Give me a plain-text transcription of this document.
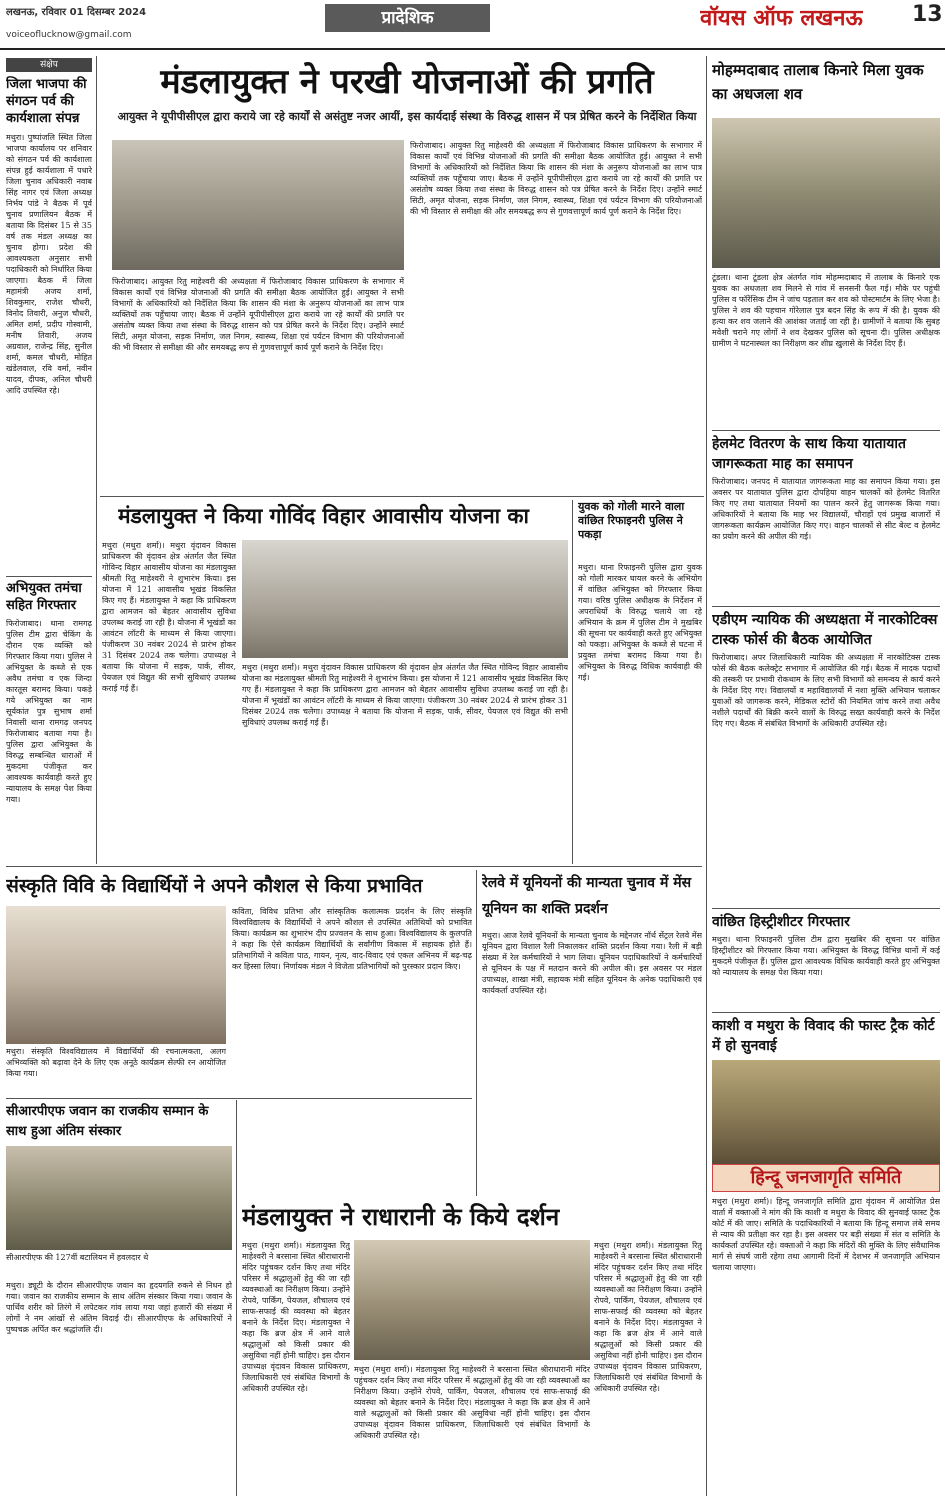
लखनऊ, रविवार 01 दिसम्बर 2024
voiceoflucknow@gmail.com
प्रादेशिक	वॉयस ऑफ लखनऊ 13
संक्षेप
जिला भाजपा की संगठन पर्व की कार्यशाला संपन्न
मथुरा। पुष्पांजलि स्थित जिला भाजपा कार्यालय पर शनिवार को संगठन पर्व की कार्यशाला संपन्न हुई कार्यशाला में पधारे जिला चुनाव अधिकारी नवाब सिंह नागर एवं जिला अध्यक्ष निर्भय पांडे ने बैठक में पूर्व चुनाव प्रणालियन बैठक में बताया कि दिसंबर 15 से 35 वर्ष तक मंडल अध्यक्ष का चुनाव होगा। प्रदेश की आवश्यकता अनुसार सभी पदाधिकारी को निर्धारित किया जाएगा। बैठक में जिला महामंत्री अजय शर्मा, शिवकुमार, राजेश चौधरी, विनोद तिवारी, अनुज चौधरी, अमित शर्मा, प्रदीप गोस्वामी, मनीष तिवारी, अजय अग्रवाल, राजेन्द्र सिंह, सुनील शर्मा, कमल चौधरी, मोहित खंडेलवाल, रवि वर्मा, नवीन यादव, दीपक, अनिल चौधरी आदि उपस्थित रहे।
अभियुक्त तमंचा सहित गिरफ्तार
फिरोजाबाद। थाना रामगढ़ पुलिस टीम द्वारा चेकिंग के दौरान एक व्यक्ति को गिरफ्तार किया गया। पुलिस ने अभियुक्त के कब्जे से एक अवैध तमंचा व एक जिन्दा कारतूस बरामद किया। पकड़े गये अभियुक्त का नाम सूर्यकांत पुत्र सुभाष शर्मा निवासी थाना रामगढ़ जनपद फिरोजाबाद बताया गया है। पुलिस द्वारा अभियुक्त के विरुद्ध सम्बन्धित धाराओं में मुकदमा पंजीकृत कर आवश्यक कार्यवाही करते हुए न्यायालय के समक्ष पेश किया गया।
मंडलायुक्त ने परखी योजनाओं की प्रगति
आयुक्त ने यूपीपीसीएल द्वारा कराये जा रहे कार्यों से असंतुष्ट नजर आयीं, इस कार्यदाई संस्था के विरुद्ध शासन में पत्र प्रेषित करने के निर्देशित किया
फिरोजाबाद। आयुक्त रितु माहेश्वरी की अध्यक्षता में फिरोजाबाद विकास प्राधिकरण के सभागार में विकास कार्यों एवं विभिन्न योजनाओं की प्रगति की समीक्षा बैठक आयोजित हुई। आयुक्त ने सभी विभागों के अधिकारियों को निर्देशित किया कि शासन की मंशा के अनुरूप योजनाओं का लाभ पात्र व्यक्तियों तक पहुँचाया जाए। बैठक में उन्होंने यूपीपीसीएल द्वारा कराये जा रहे कार्यों की प्रगति पर असंतोष व्यक्त किया तथा संस्था के विरुद्ध शासन को पत्र प्रेषित करने के निर्देश दिए। उन्होंने स्मार्ट सिटी, अमृत योजना, सड़क निर्माण, जल निगम, स्वास्थ्य, शिक्षा एवं पर्यटन विभाग की परियोजनाओं की भी विस्तार से समीक्षा की और समयबद्ध रूप से गुणवत्तापूर्ण कार्य पूर्ण कराने के निर्देश दिए।
फिरोजाबाद। आयुक्त रितु माहेश्वरी की अध्यक्षता में फिरोजाबाद विकास प्राधिकरण के सभागार में विकास कार्यों एवं विभिन्न योजनाओं की प्रगति की समीक्षा बैठक आयोजित हुई। आयुक्त ने सभी विभागों के अधिकारियों को निर्देशित किया कि शासन की मंशा के अनुरूप योजनाओं का लाभ पात्र व्यक्तियों तक पहुँचाया जाए। बैठक में उन्होंने यूपीपीसीएल द्वारा कराये जा रहे कार्यों की प्रगति पर असंतोष व्यक्त किया तथा संस्था के विरुद्ध शासन को पत्र प्रेषित करने के निर्देश दिए। उन्होंने स्मार्ट सिटी, अमृत योजना, सड़क निर्माण, जल निगम, स्वास्थ्य, शिक्षा एवं पर्यटन विभाग की परियोजनाओं की भी विस्तार से समीक्षा की और समयबद्ध रूप से गुणवत्तापूर्ण कार्य पूर्ण कराने के निर्देश दिए।
मंडलायुक्त ने किया गोविंद विहार आवासीय योजना का
मथुरा (मथुरा शर्मा)। मथुरा वृंदावन विकास प्राधिकरण की वृंदावन क्षेत्र अंतर्गत जैत स्थित गोविन्द विहार आवासीय योजना का मंडलायुक्त श्रीमती रितु माहेश्वरी ने शुभारंभ किया। इस योजना में 121 आवासीय भूखंड विकसित किए गए हैं। मंडलायुक्त ने कहा कि प्राधिकरण द्वारा आमजन को बेहतर आवासीय सुविधा उपलब्ध कराई जा रही है। योजना में भूखंडों का आवंटन लॉटरी के माध्यम से किया जाएगा। पंजीकरण 30 नवंबर 2024 से प्रारंभ होकर 31 दिसंबर 2024 तक चलेगा। उपाध्यक्ष ने बताया कि योजना में सड़क, पार्क, सीवर, पेयजल एवं विद्युत की सभी सुविधाएं उपलब्ध कराई गई हैं।
मथुरा (मथुरा शर्मा)। मथुरा वृंदावन विकास प्राधिकरण की वृंदावन क्षेत्र अंतर्गत जैत स्थित गोविन्द विहार आवासीय योजना का मंडलायुक्त श्रीमती रितु माहेश्वरी ने शुभारंभ किया। इस योजना में 121 आवासीय भूखंड विकसित किए गए हैं। मंडलायुक्त ने कहा कि प्राधिकरण द्वारा आमजन को बेहतर आवासीय सुविधा उपलब्ध कराई जा रही है। योजना में भूखंडों का आवंटन लॉटरी के माध्यम से किया जाएगा। पंजीकरण 30 नवंबर 2024 से प्रारंभ होकर 31 दिसंबर 2024 तक चलेगा। उपाध्यक्ष ने बताया कि योजना में सड़क, पार्क, सीवर, पेयजल एवं विद्युत की सभी सुविधाएं उपलब्ध कराई गई हैं।
युवक को गोली मारने वाला वांछित रिफाइनरी पुलिस ने पकड़ा
मथुरा। थाना रिफाइनरी पुलिस द्वारा युवक को गोली मारकर घायल करने के अभियोग में वांछित अभियुक्त को गिरफ्तार किया गया। वरिष्ठ पुलिस अधीक्षक के निर्देशन में अपराधियों के विरुद्ध चलाये जा रहे अभियान के क्रम में पुलिस टीम ने मुखबिर की सूचना पर कार्यवाही करते हुए अभियुक्त को पकड़ा। अभियुक्त के कब्जे से घटना में प्रयुक्त तमंचा बरामद किया गया है। अभियुक्त के विरुद्ध विधिक कार्यवाही की गई।
मोहम्मदाबाद तालाब किनारे मिला युवक का अधजला शव
टूंडला। थाना टूंडला क्षेत्र अंतर्गत गांव मोहम्मदाबाद में तालाब के किनारे एक युवक का अधजला शव मिलने से गांव में सनसनी फैल गई। मौके पर पहुंची पुलिस व फॉरेंसिक टीम ने जांच पड़ताल कर शव को पोस्टमार्टम के लिए भेजा है। पुलिस ने शव की पहचान गोरेलाल पुत्र बदन सिंह के रूप में की है। युवक की हत्या कर शव जलाने की आशंका जताई जा रही है। ग्रामीणों ने बताया कि सुबह मवेशी चराने गए लोगों ने शव देखकर पुलिस को सूचना दी। पुलिस अधीक्षक ग्रामीण ने घटनास्थल का निरीक्षण कर शीघ्र खुलासे के निर्देश दिए हैं।
हेलमेट वितरण के साथ किया यातायात जागरूकता माह का समापन
फिरोजाबाद। जनपद में यातायात जागरूकता माह का समापन किया गया। इस अवसर पर यातायात पुलिस द्वारा दोपहिया वाहन चालकों को हेलमेट वितरित किए गए तथा यातायात नियमों का पालन करने हेतु जागरूक किया गया। अधिकारियों ने बताया कि माह भर विद्यालयों, चौराहों एवं प्रमुख बाजारों में जागरूकता कार्यक्रम आयोजित किए गए। वाहन चालकों से सीट बेल्ट व हेलमेट का प्रयोग करने की अपील की गई।
एडीएम न्यायिक की अध्यक्षता में नारकोटिक्स टास्क फोर्स की बैठक आयोजित
फिरोजाबाद। अपर जिलाधिकारी न्यायिक की अध्यक्षता में नारकोटिक्स टास्क फोर्स की बैठक कलेक्ट्रेट सभागार में आयोजित की गई। बैठक में मादक पदार्थों की तस्करी पर प्रभावी रोकथाम के लिए सभी विभागों को समन्वय से कार्य करने के निर्देश दिए गए। विद्यालयों व महाविद्यालयों में नशा मुक्ति अभियान चलाकर युवाओं को जागरूक करने, मेडिकल स्टोरों की नियमित जांच करने तथा अवैध नशीले पदार्थों की बिक्री करने वालों के विरुद्ध सख्त कार्यवाही करने के निर्देश दिए गए। बैठक में संबंधित विभागों के अधिकारी उपस्थित रहे।
वांछित हिस्ट्रीशीटर गिरफ्तार
मथुरा। थाना रिफाइनरी पुलिस टीम द्वारा मुखबिर की सूचना पर वांछित हिस्ट्रीशीटर को गिरफ्तार किया गया। अभियुक्त के विरुद्ध विभिन्न थानों में कई मुकदमे पंजीकृत हैं। पुलिस द्वारा आवश्यक विधिक कार्यवाही करते हुए अभियुक्त को न्यायालय के समक्ष पेश किया गया।
काशी व मथुरा के विवाद की फास्ट ट्रैक कोर्ट में हो सुनवाई
हिन्दू जनजागृति समिति
मथुरा (मथुरा शर्मा)। हिन्दू जनजागृति समिति द्वारा वृंदावन में आयोजित प्रेस वार्ता में वक्ताओं ने मांग की कि काशी व मथुरा के विवाद की सुनवाई फास्ट ट्रैक कोर्ट में की जाए। समिति के पदाधिकारियों ने बताया कि हिन्दू समाज लंबे समय से न्याय की प्रतीक्षा कर रहा है। इस अवसर पर बड़ी संख्या में संत व समिति के कार्यकर्ता उपस्थित रहे। वक्ताओं ने कहा कि मंदिरों की मुक्ति के लिए संवैधानिक मार्ग से संघर्ष जारी रहेगा तथा आगामी दिनों में देशभर में जनजागृति अभियान चलाया जाएगा।
संस्कृति विवि के विद्यार्थियों ने अपने कौशल से किया प्रभावित
मथुरा। संस्कृति विश्वविद्यालय में विद्यार्थियों की रचनात्मकता, अलग अभिव्यक्ति को बढ़ावा देने के लिए एक अनूठे कार्यक्रम सेल्फी रन आयोजित किया गया।
कविता, विविध प्रतिभा और सांस्कृतिक कलात्मक प्रदर्शन के लिए संस्कृति विश्वविद्यालय के विद्यार्थियों ने अपने कौशल से उपस्थित अतिथियों को प्रभावित किया। कार्यक्रम का शुभारंभ दीप प्रज्वलन के साथ हुआ। विश्वविद्यालय के कुलपति ने कहा कि ऐसे कार्यक्रम विद्यार्थियों के सर्वांगीण विकास में सहायक होते हैं। प्रतिभागियों ने कविता पाठ, गायन, नृत्य, वाद-विवाद एवं एकल अभिनय में बढ़-चढ़ कर हिस्सा लिया। निर्णायक मंडल ने विजेता प्रतिभागियों को पुरस्कार प्रदान किए।
रेलवे में यूनियनों की मान्यता चुनाव में मेंस यूनियन का शक्ति प्रदर्शन
मथुरा। आज रेलवे यूनियनों के मान्यता चुनाव के मद्देनजर नॉर्थ सेंट्रल रेलवे मेंस यूनियन द्वारा विशाल रैली निकालकर शक्ति प्रदर्शन किया गया। रैली में बड़ी संख्या में रेल कर्मचारियों ने भाग लिया। यूनियन पदाधिकारियों ने कर्मचारियों से यूनियन के पक्ष में मतदान करने की अपील की। इस अवसर पर मंडल उपाध्यक्ष, शाखा मंत्री, सहायक मंत्री सहित यूनियन के अनेक पदाधिकारी एवं कार्यकर्ता उपस्थित रहे।
सीआरपीएफ जवान का राजकीय सम्मान के साथ हुआ अंतिम संस्कार
सीआरपीएफ की 127वीं बटालियन में हवलदार थे
मथुरा। ड्यूटी के दौरान सीआरपीएफ जवान का हृदयगति रुकने से निधन हो गया। जवान का राजकीय सम्मान के साथ अंतिम संस्कार किया गया। जवान के पार्थिव शरीर को तिरंगे में लपेटकर गांव लाया गया जहां हजारों की संख्या में लोगों ने नम आंखों से अंतिम विदाई दी। सीआरपीएफ के अधिकारियों ने पुष्पचक्र अर्पित कर श्रद्धांजलि दी।
मंडलायुक्त ने राधारानी के किये दर्शन
मथुरा (मथुरा शर्मा)। मंडलायुक्त रितु माहेश्वरी ने बरसाना स्थित श्रीराधारानी मंदिर पहुंचकर दर्शन किए तथा मंदिर परिसर में श्रद्धालुओं हेतु की जा रही व्यवस्थाओं का निरीक्षण किया। उन्होंने रोपवे, पार्किंग, पेयजल, शौचालय एवं साफ-सफाई की व्यवस्था को बेहतर बनाने के निर्देश दिए। मंडलायुक्त ने कहा कि ब्रज क्षेत्र में आने वाले श्रद्धालुओं को किसी प्रकार की असुविधा नहीं होनी चाहिए। इस दौरान उपाध्यक्ष वृंदावन विकास प्राधिकरण, जिलाधिकारी एवं संबंधित विभागों के अधिकारी उपस्थित रहे।
मथुरा (मथुरा शर्मा)। मंडलायुक्त रितु माहेश्वरी ने बरसाना स्थित श्रीराधारानी मंदिर पहुंचकर दर्शन किए तथा मंदिर परिसर में श्रद्धालुओं हेतु की जा रही व्यवस्थाओं का निरीक्षण किया। उन्होंने रोपवे, पार्किंग, पेयजल, शौचालय एवं साफ-सफाई की व्यवस्था को बेहतर बनाने के निर्देश दिए। मंडलायुक्त ने कहा कि ब्रज क्षेत्र में आने वाले श्रद्धालुओं को किसी प्रकार की असुविधा नहीं होनी चाहिए। इस दौरान उपाध्यक्ष वृंदावन विकास प्राधिकरण, जिलाधिकारी एवं संबंधित विभागों के अधिकारी उपस्थित रहे।
मथुरा (मथुरा शर्मा)। मंडलायुक्त रितु माहेश्वरी ने बरसाना स्थित श्रीराधारानी मंदिर पहुंचकर दर्शन किए तथा मंदिर परिसर में श्रद्धालुओं हेतु की जा रही व्यवस्थाओं का निरीक्षण किया। उन्होंने रोपवे, पार्किंग, पेयजल, शौचालय एवं साफ-सफाई की व्यवस्था को बेहतर बनाने के निर्देश दिए। मंडलायुक्त ने कहा कि ब्रज क्षेत्र में आने वाले श्रद्धालुओं को किसी प्रकार की असुविधा नहीं होनी चाहिए। इस दौरान उपाध्यक्ष वृंदावन विकास प्राधिकरण, जिलाधिकारी एवं संबंधित विभागों के अधिकारी उपस्थित रहे।
